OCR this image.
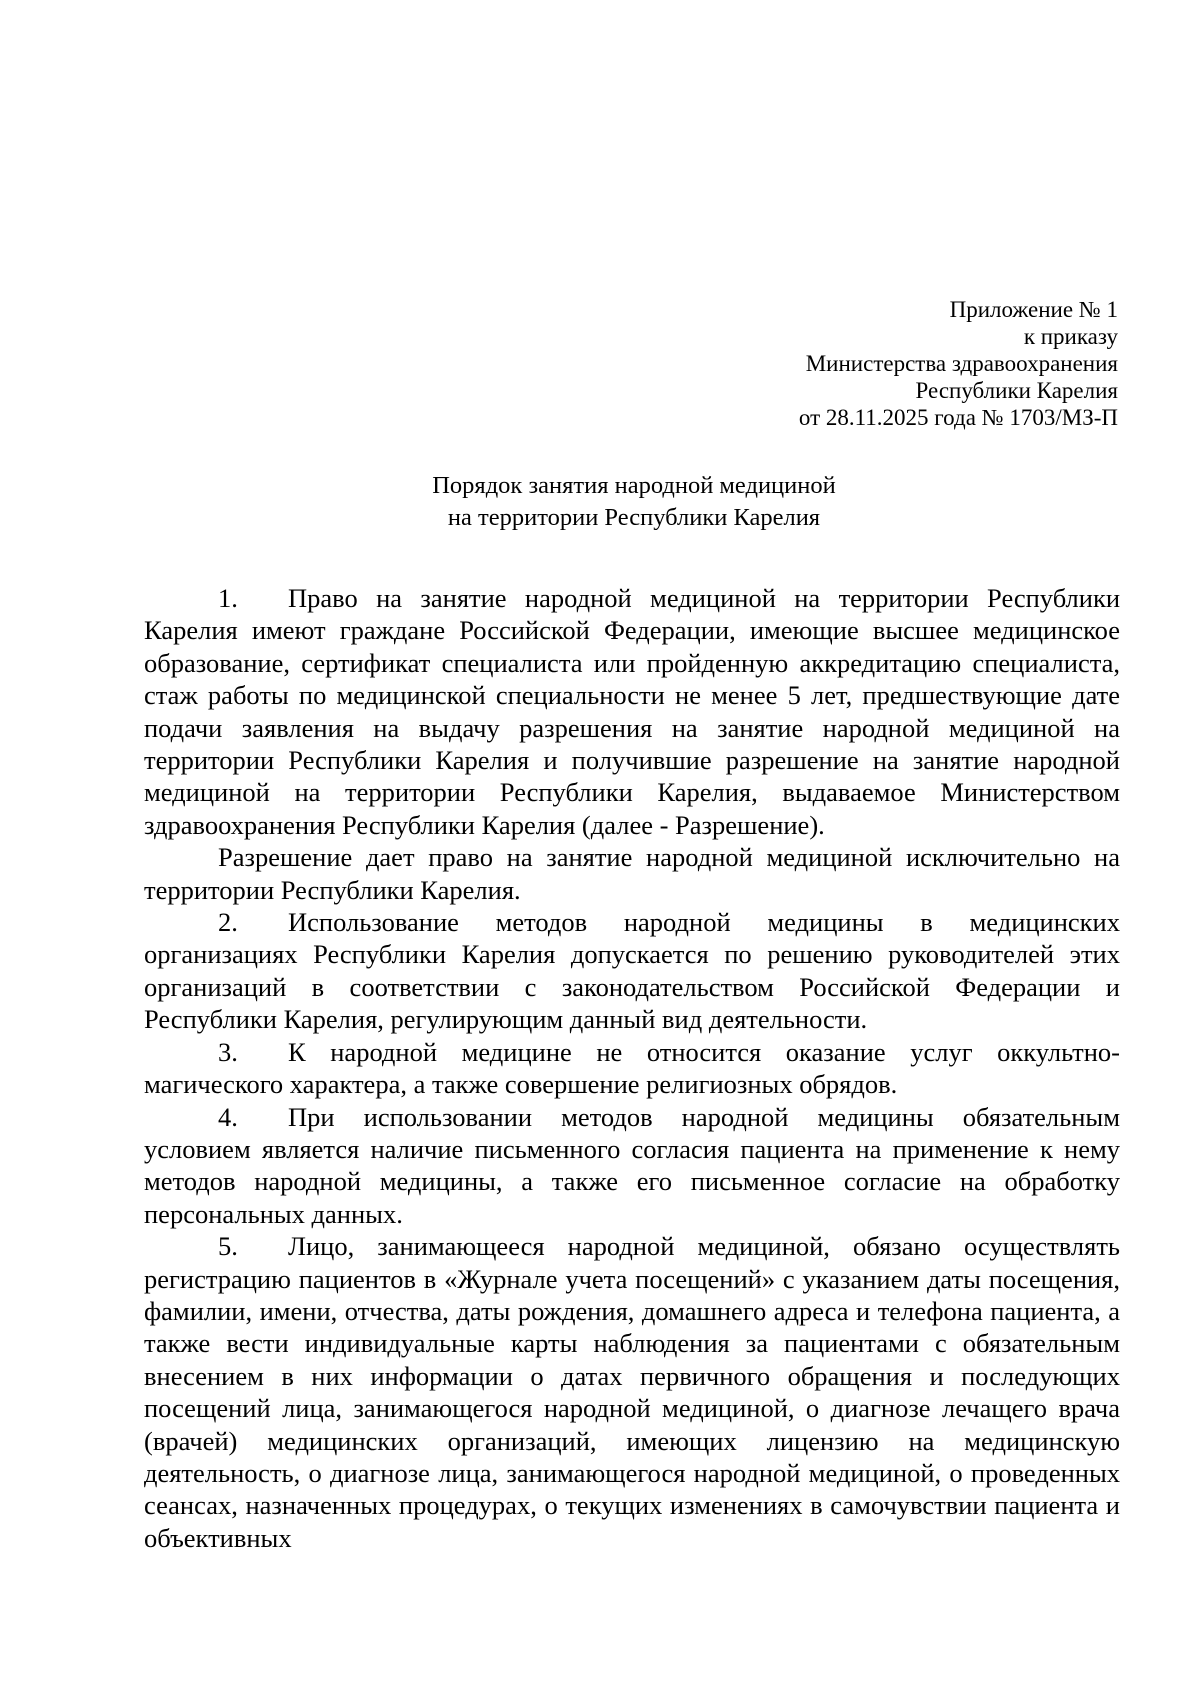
Приложение № 1
к приказу
Министерства здравоохранения
Республики Карелия
от 28.11.2025 года № 1703/МЗ-П
Порядок занятия народной медициной
на территории Республики Карелия

1. Право на занятие народной медициной на территории Республики Карелия имеют граждане Российской Федерации, имеющие высшее медицинское образование, сертификат специалиста или пройденную аккредитацию специалиста, стаж работы по медицинской специальности не менее 5 лет, предшествующие дате подачи заявления на выдачу разрешения на занятие народной медициной на территории Республики Карелия и получившие разрешение на занятие народной медициной на территории Республики Карелия, выдаваемое Министерством здравоохранения Республики Карелия (далее - Разрешение).

Разрешение дает право на занятие народной медициной исключительно на территории Республики Карелия.

2. Использование методов народной медицины в медицинских организациях Республики Карелия допускается по решению руководителей этих организаций в соответствии с законодательством Российской Федерации и Республики Карелия, регулирующим данный вид деятельности.

3. К народной медицине не относится оказание услуг оккультно-магического характера, а также совершение религиозных обрядов.

4. При использовании методов народной медицины обязательным условием является наличие письменного согласия пациента на применение к нему методов народной медицины, а также его письменное согласие на обработку персональных данных.

5. Лицо, занимающееся народной медициной, обязано осуществлять регистрацию пациентов в «Журнале учета посещений» с указанием даты посещения, фамилии, имени, отчества, даты рождения, домашнего адреса и телефона пациента, а также вести индивидуальные карты наблюдения за пациентами с обязательным внесением в них информации о датах первичного обращения и последующих посещений лица, занимающегося народной медициной, о диагнозе лечащего врача (врачей) медицинских организаций, имеющих лицензию на медицинскую деятельность, о диагнозе лица, занимающегося народной медициной, о проведенных сеансах, назначенных процедурах, о текущих изменениях в самочувствии пациента и объективных
